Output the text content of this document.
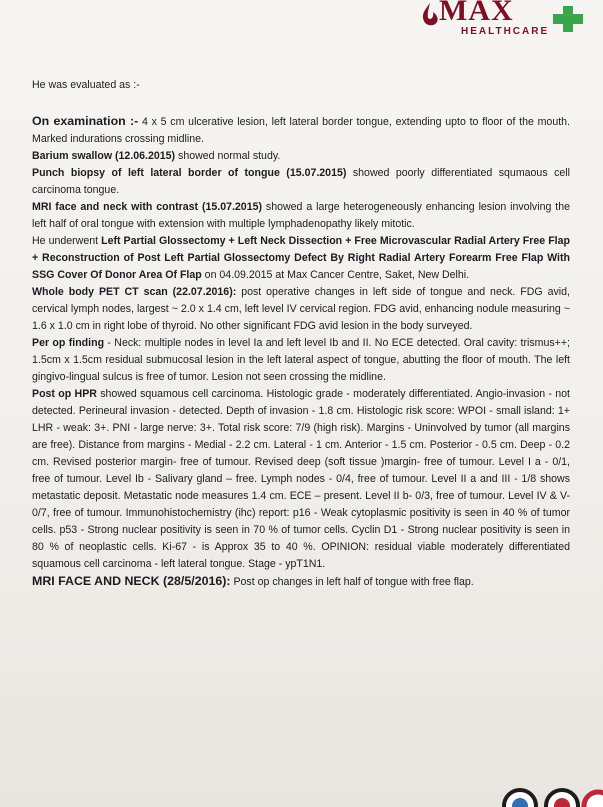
MAX
HEALTHCARE

He was evaluated as :-

On examination :- 4 x 5 cm ulcerative lesion, left lateral border tongue, extending upto to floor of the mouth. Marked indurations crossing midline.

Barium swallow (12.06.2015) showed normal study.

Punch biopsy of left lateral border of tongue (15.07.2015) showed poorly differentiated squmaous cell carcinoma tongue.

MRI face and neck with contrast (15.07.2015) showed a large heterogeneously enhancing lesion involving the left half of oral tongue with extension with multiple lymphadenopathy likely mitotic.

He underwent Left Partial Glossectomy + Left Neck Dissection + Free Microvascular Radial Artery Free Flap + Reconstruction of Post Left Partial Glossectomy Defect By Right Radial Artery Forearm Free Flap With SSG Cover Of Donor Area Of Flap on 04.09.2015 at Max Cancer Centre, Saket, New Delhi.

Whole body PET CT scan (22.07.2016): post operative changes in left side of tongue and neck. FDG avid, cervical lymph nodes, largest ~ 2.0 x 1.4 cm, left level IV cervical region. FDG avid, enhancing nodule measuring ~ 1.6 x 1.0 cm in right lobe of thyroid. No other significant FDG avid lesion in the body surveyed.

Per op finding - Neck: multiple nodes in level Ia and left level Ib and II. No ECE detected. Oral cavity: trismus++; 1.5cm x 1.5cm residual submucosal lesion in the left lateral aspect of tongue, abutting the floor of mouth. The left gingivo-lingual sulcus is free of tumor. Lesion not seen crossing the midline.

Post op HPR showed squamous cell carcinoma. Histologic grade - moderately differentiated. Angio-invasion - not detected. Perineural invasion - detected. Depth of invasion - 1.8 cm. Histologic risk score: WPOI - small island: 1+ LHR - weak: 3+. PNI - large nerve: 3+. Total risk score: 7/9 (high risk). Margins - Uninvolved by tumor (all margins are free). Distance from margins - Medial - 2.2 cm. Lateral - 1 cm. Anterior - 1.5 cm. Posterior - 0.5 cm. Deep - 0.2 cm. Revised posterior margin- free of tumour. Revised deep (soft tissue )margin- free of tumour. Level I a - 0/1, free of tumour. Level Ib - Salivary gland – free. Lymph nodes - 0/4, free of tumour. Level II a and III - 1/8 shows metastatic deposit. Metastatic node measures 1.4 cm. ECE – present. Level II b- 0/3, free of tumour. Level IV & V- 0/7, free of tumour. Immunohistochemistry (ihc) report: p16 - Weak cytoplasmic positivity is seen in 40 % of tumor cells. p53 - Strong nuclear positivity is seen in 70 % of tumor cells. Cyclin D1 - Strong nuclear positivity is seen in 80 % of neoplastic cells. Ki-67 - is Approx 35 to 40 %. OPINION: residual viable moderately differentiated squamous cell carcinoma - left lateral tongue. Stage - ypT1N1.

MRI FACE AND NECK (28/5/2016): Post op changes in left half of tongue with free flap.
